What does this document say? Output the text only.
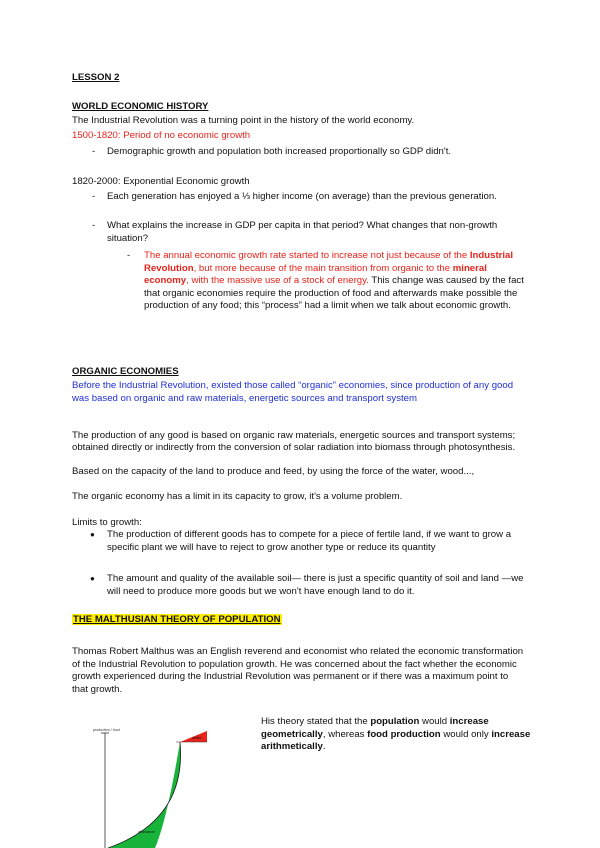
LESSON 2
WORLD ECONOMIC HISTORY
The Industrial Revolution was a turning point in the history of the world economy.
1500-1820: Period of no economic growth
- Demographic growth and population both increased proportionally so GDP didn't.
1820-2000: Exponential Economic growth
- Each generation has enjoyed a ⅓ higher income (on average) than the previous generation.
- What explains the increase in GDP per capita in that period? What changes that non-growth situation?
- The annual economic growth rate started to increase not just because of the Industrial Revolution, but more because of the main transition from organic to the mineral economy, with the massive use of a stock of energy. This change was caused by the fact that organic economies require the production of food and afterwards make possible the production of any food; this “process” had a limit when we talk about economic growth.
ORGANIC ECONOMIES
Before the Industrial Revolution, existed those called “organic” economies, since production of any good was based on organic and raw materials, energetic sources and transport system
The production of any good is based on organic raw materials, energetic sources and transport systems; obtained directly or indirectly from the conversion of solar radiation into biomass through photosynthesis.
Based on the capacity of the land to produce and feed, by using the force of the water, wood...,
The organic economy has a limit in its capacity to grow, it's a volume problem.
Limits to growth:
● The production of different goods has to compete for a piece of fertile land, if we want to grow a specific plant we will have to reject to grow another type or reduce its quantity
● The amount and quality of the available soil— there is just a specific quantity of soil and land —we will need to produce more goods but we won't have enough land to do it.
THE MALTHUSIAN THEORY OF POPULATION
Thomas Robert Malthus was an English reverend and economist who related the economic transformation of the Industrial Revolution to population growth. He was concerned about the fact whether the economic growth experienced during the Industrial Revolution was permanent or if there was a maximum point to that growth.
His theory stated that the population would increase geometrically, whereas food production would only increase arithmetically.
production / food
deficit
abundance
